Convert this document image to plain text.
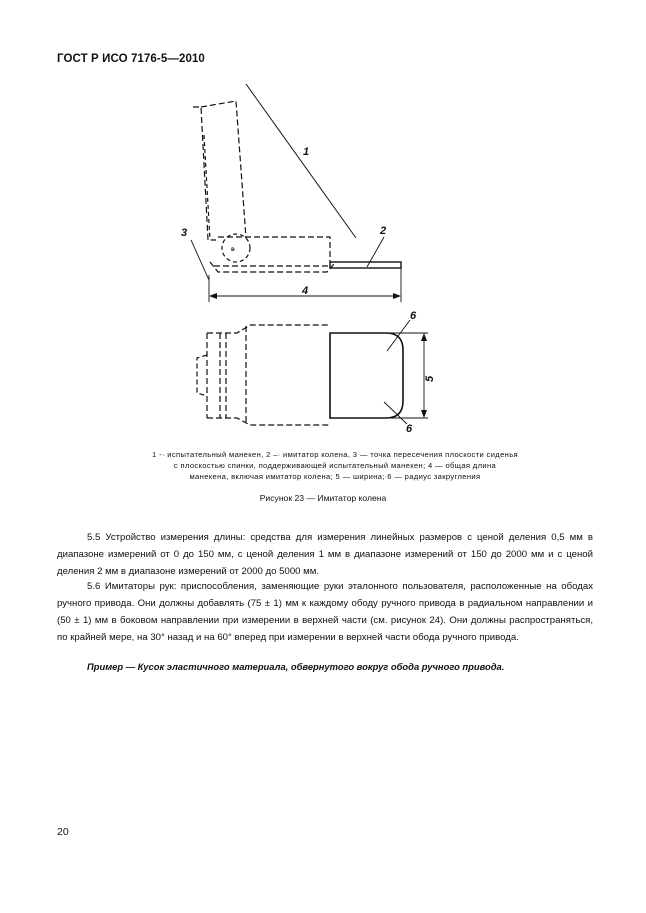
ГОСТ Р ИСО 7176-5—2010
1
2
3
4
5
6
6
в
1 -· испытательный манекен, 2 –· имитатор колена, 3 — точка пересечения плоскости сиденья
с плоскостью спинки, поддерживающей испытательный манекен; 4 — общая длина
манекена, включая имитатор колена; 5 — ширина; 6 — радиус закругления
Рисунок 23 — Имитатор колена
5.5 Устройство измерения длины: средства для измерения линейных размеров с ценой деления 0,5 мм в диапазоне измерений от 0 до 150 мм, с ценой деления 1 мм в диапазоне измерений от 150 до 2000 мм и с ценой деления 2 мм в диапазоне измерений от 2000 до 5000 мм.
5.6 Имитаторы рук: приспособления, заменяющие руки эталонного пользователя, расположенные на ободах ручного привода. Они должны добавлять (75 ± 1) мм к каждому ободу ручного привода в радиальном направлении и (50 ± 1) мм в боковом направлении при измерении в верхней части (см. рисунок 24). Они должны распространяться, по крайней мере, на 30° назад и на 60° вперед при измерении в верхней части обода ручного привода.
Пример — Кусок эластичного материала, обвернутого вокруг обода ручного привода.
20
